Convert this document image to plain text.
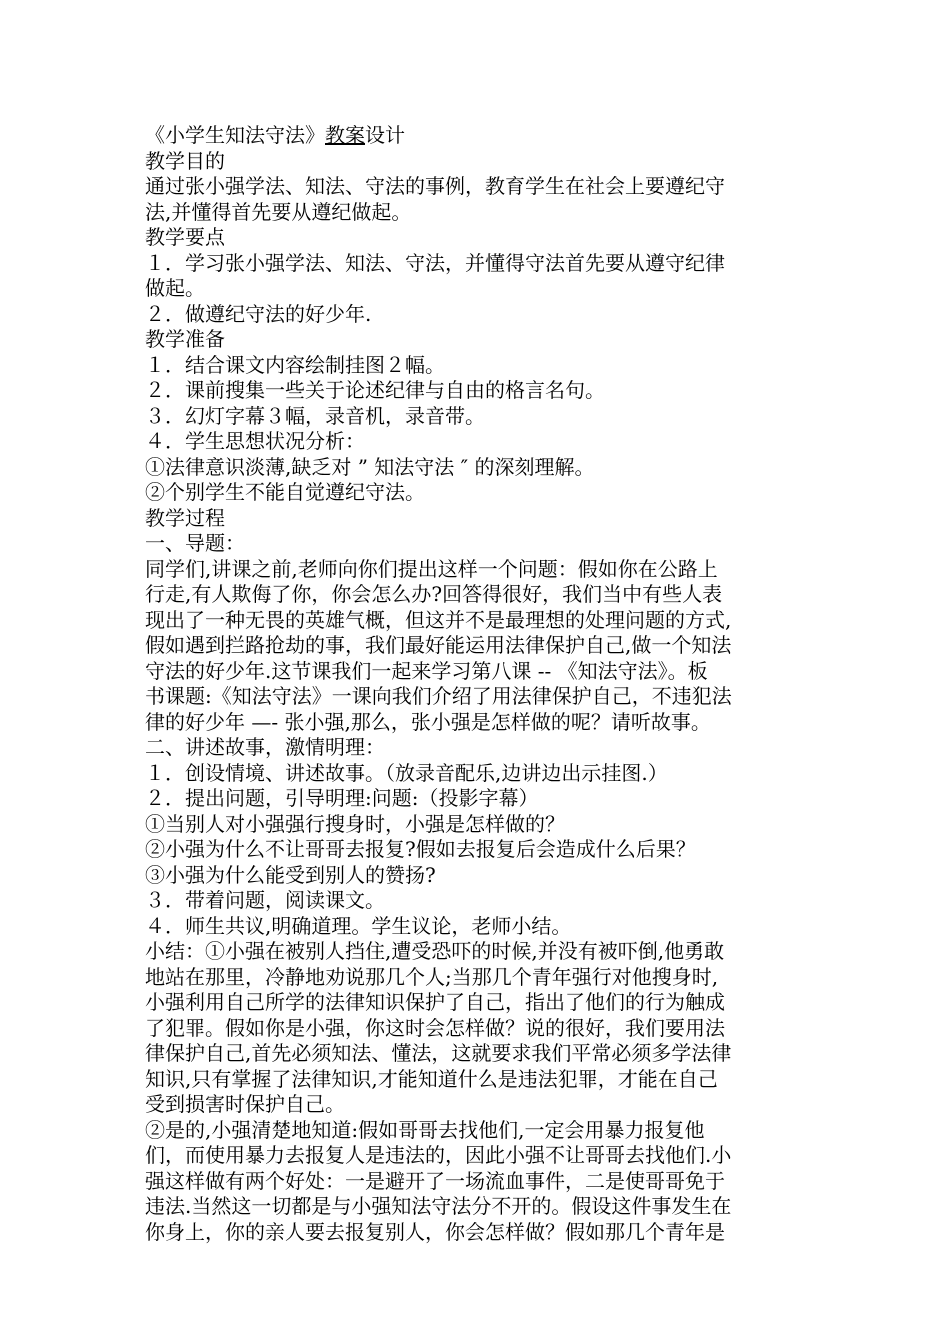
《小学生知法守法》教案设计
教学目的
通过张小强学法、知法、守法的事例，教育学生在社会上要遵纪守
法,并懂得首先要从遵纪做起。
教学要点
１．学习张小强学法、知法、守法，并懂得守法首先要从遵守纪律
做起。
２．做遵纪守法的好少年.
教学准备
１．结合课文内容绘制挂图２幅。
２．课前搜集一些关于论述纪律与自由的格言名句。
３．幻灯字幕３幅，录音机，录音带。
４．学生思想状况分析：
①法律意识淡薄,缺乏对 ” 知法守法 ″ 的深刻理解。
②个别学生不能自觉遵纪守法。
教学过程
一、导题：
同学们,讲课之前,老师向你们提出这样一个问题：假如你在公路上
行走,有人欺侮了你，你会怎么办?回答得很好，我们当中有些人表
现出了一种无畏的英雄气概，但这并不是最理想的处理问题的方式,
假如遇到拦路抢劫的事，我们最好能运用法律保护自己,做一个知法
守法的好少年.这节课我们一起来学习第八课 -- 《知法守法》。板
书课题:《知法守法》一课向我们介绍了用法律保护自己，不违犯法
律的好少年 —- 张小强,那么，张小强是怎样做的呢？请听故事。
二、讲述故事，激情明理：
１．创设情境、讲述故事。（放录音配乐,边讲边出示挂图.）
２．提出问题，引导明理:问题:（投影字幕）
①当别人对小强强行搜身时，小强是怎样做的？
②小强为什么不让哥哥去报复?假如去报复后会造成什么后果？
③小强为什么能受到别人的赞扬?
３．带着问题，阅读课文。
４．师生共议,明确道理。学生议论，老师小结。
小结：①小强在被别人挡住,遭受恐吓的时候,并没有被吓倒,他勇敢
地站在那里，冷静地劝说那几个人;当那几个青年强行对他搜身时,
小强利用自己所学的法律知识保护了自己，指出了他们的行为触成
了犯罪。假如你是小强，你这时会怎样做？说的很好，我们要用法
律保护自己,首先必须知法、懂法，这就要求我们平常必须多学法律
知识,只有掌握了法律知识,才能知道什么是违法犯罪，才能在自己
受到损害时保护自己。
②是的,小强清楚地知道:假如哥哥去找他们,一定会用暴力报复他
们，而使用暴力去报复人是违法的，因此小强不让哥哥去找他们.小
强这样做有两个好处：一是避开了一场流血事件，二是使哥哥免于
违法.当然这一切都是与小强知法守法分不开的。假设这件事发生在
你身上，你的亲人要去报复别人，你会怎样做？假如那几个青年是
